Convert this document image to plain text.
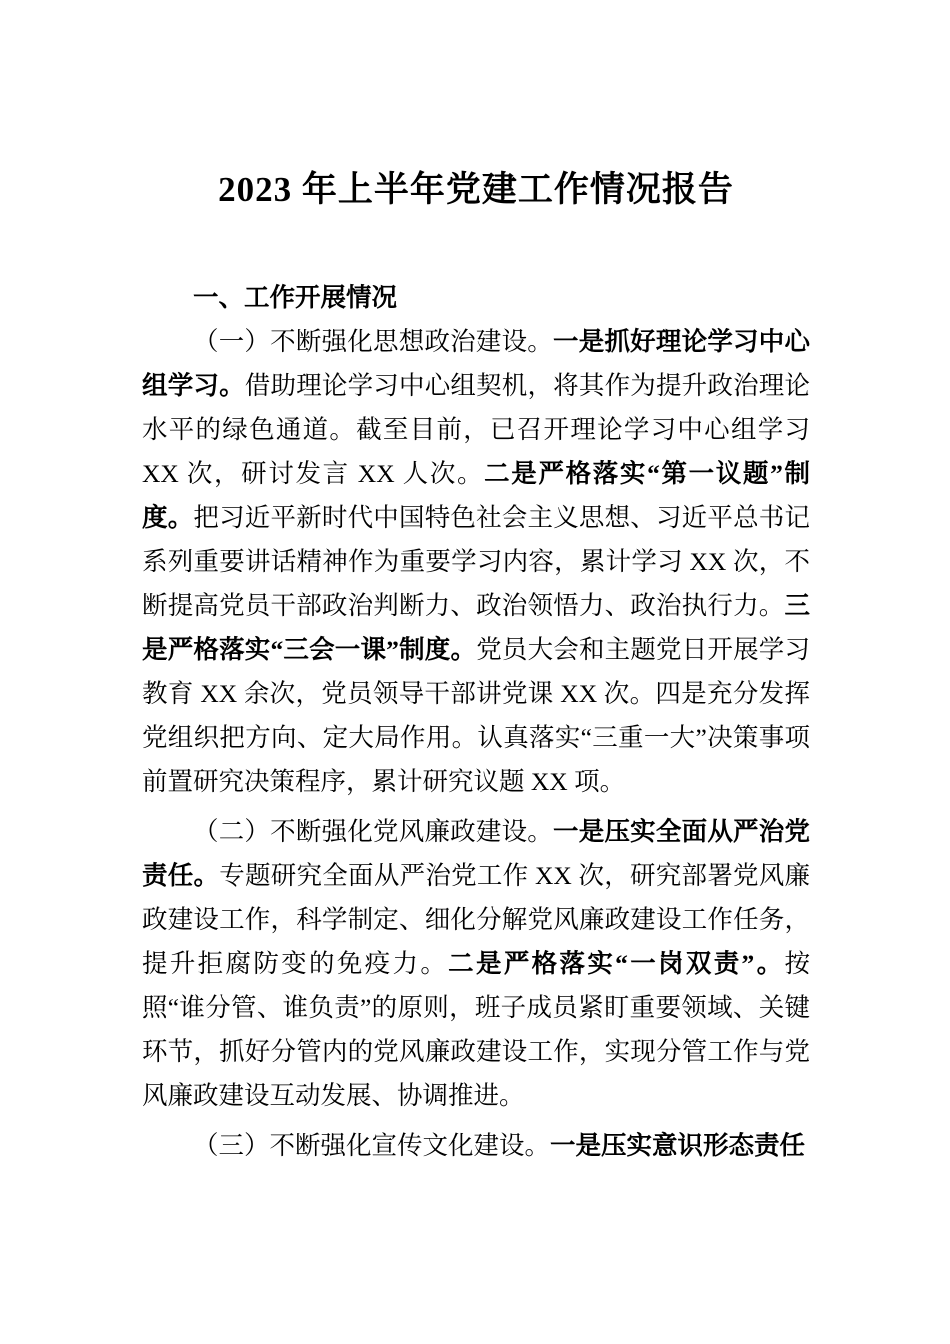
2023 年上半年党建工作情况报告
一、工作开展情况

（一）不断强化思想政治建设。一是抓好理论学习中心组学习。借助理论学习中心组契机，将其作为提升政治理论水平的绿色通道。截至目前，已召开理论学习中心组学习 XX 次，研讨发言 XX 人次。二是严格落实“第一议题”制度。把习近平新时代中国特色社会主义思想、习近平总书记系列重要讲话精神作为重要学习内容，累计学习 XX 次，不断提高党员干部政治判断力、政治领悟力、政治执行力。三是严格落实“三会一课”制度。党员大会和主题党日开展学习教育 XX 余次，党员领导干部讲党课 XX 次。四是充分发挥党组织把方向、定大局作用。认真落实“三重一大”决策事项前置研究决策程序，累计研究议题 XX 项。

（二）不断强化党风廉政建设。一是压实全面从严治党责任。专题研究全面从严治党工作 XX 次，研究部署党风廉政建设工作，科学制定、细化分解党风廉政建设工作任务，提升拒腐防变的免疫力。二是严格落实“一岗双责”。按照“谁分管、谁负责”的原则，班子成员紧盯重要领域、关键环节，抓好分管内的党风廉政建设工作，实现分管工作与党风廉政建设互动发展、协调推进。

（三）不断强化宣传文化建设。一是压实意识形态责任
